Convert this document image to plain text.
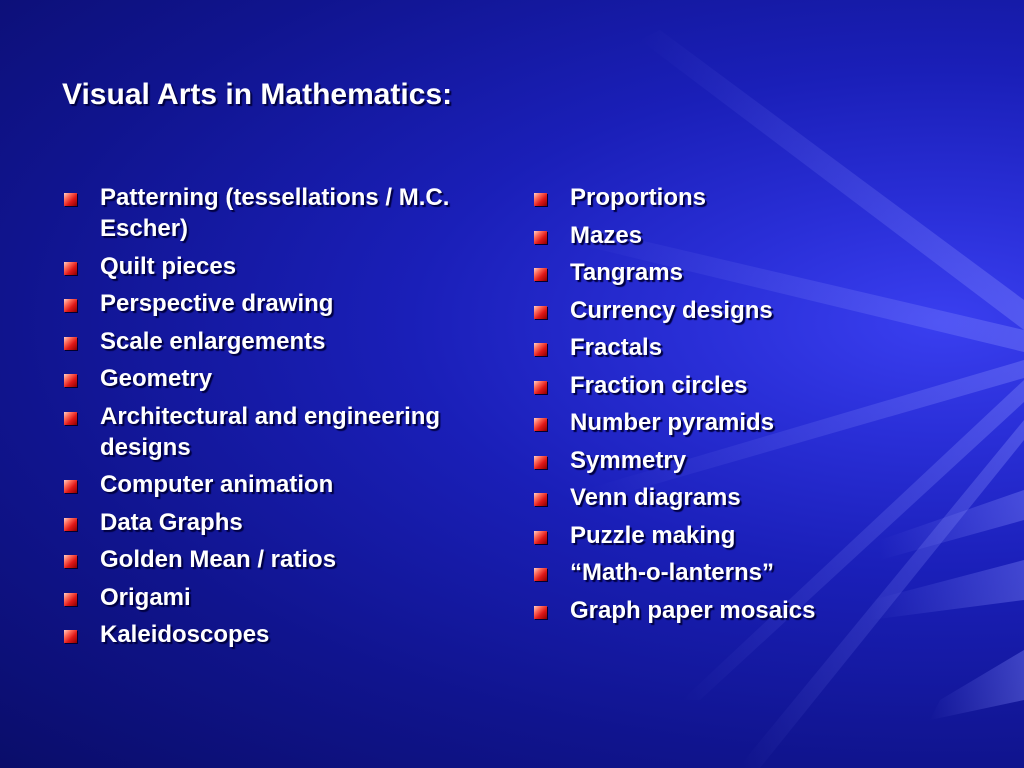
Visual Arts in Mathematics:
Patterning (tessellations / M.C. Escher)
Quilt pieces
Perspective drawing
Scale enlargements
Geometry
Architectural and engineering designs
Computer animation
Data Graphs
Golden Mean / ratios
Origami
Kaleidoscopes
Proportions
Mazes
Tangrams
Currency designs
Fractals
Fraction circles
Number pyramids
Symmetry
Venn diagrams
Puzzle making
“Math-o-lanterns”
Graph paper mosaics
